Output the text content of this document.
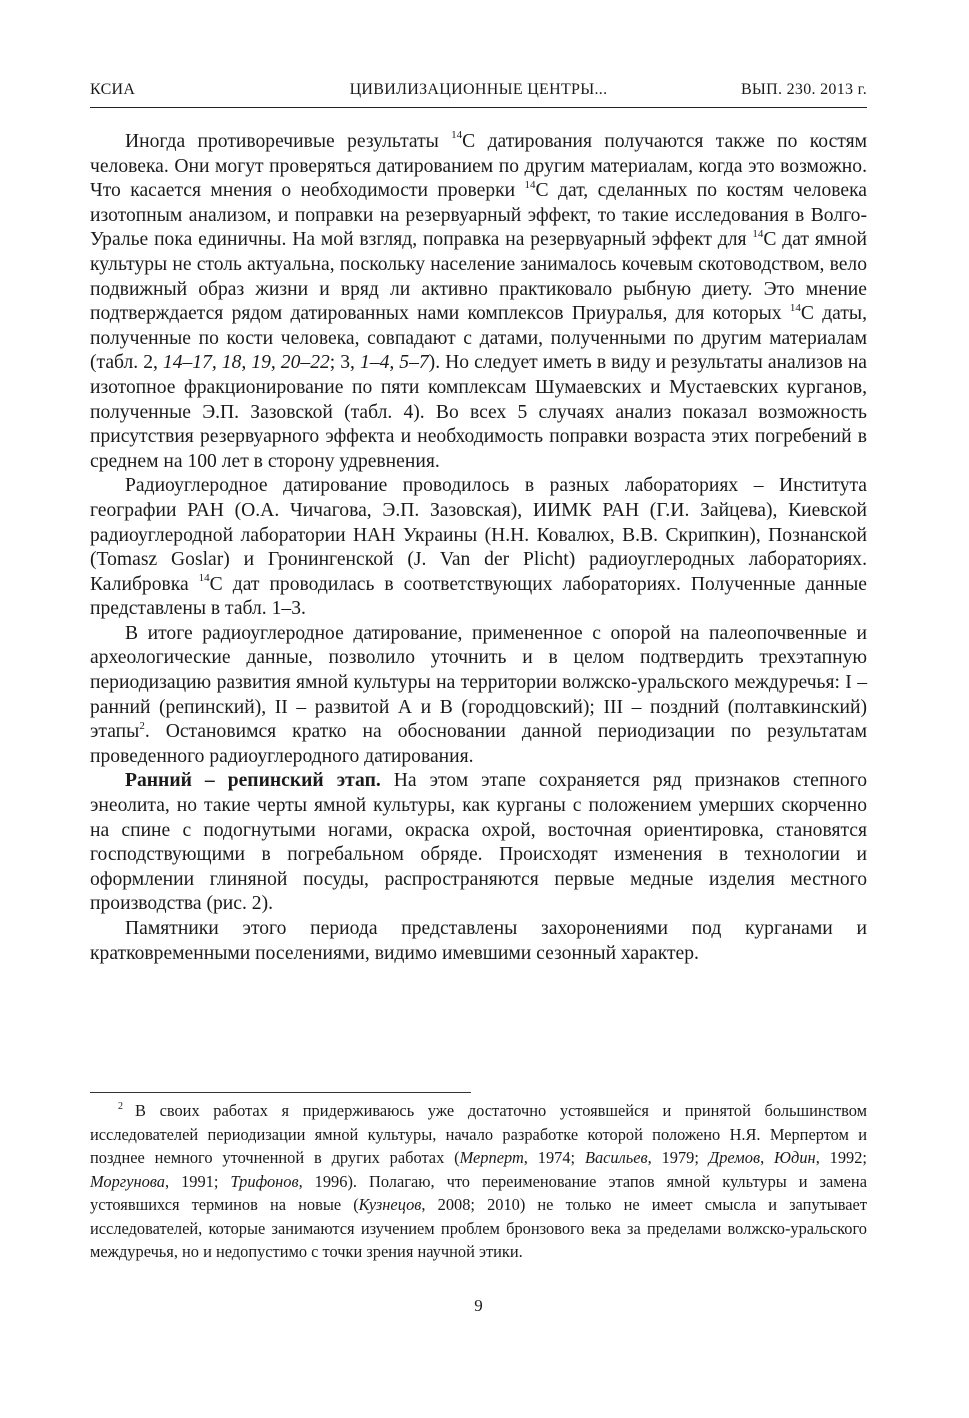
КСИА	ЦИВИЛИЗАЦИОННЫЕ ЦЕНТРЫ...	ВЫП. 230. 2013 г.

Иногда противоречивые результаты $^{14}$С датирования получаются также по костям человека. Они могут проверяться датированием по другим материалам, когда это возможно. Что касается мнения о необходимости проверки $^{14}$С дат, сделанных по костям человека изотопным анализом, и поправки на резервуарный эффект, то такие исследования в Волго-Уралье пока единичны. На мой взгляд, поправка на резервуарный эффект для $^{14}$С дат ямной культуры не столь актуальна, поскольку население занималось кочевым скотоводством, вело подвижный образ жизни и вряд ли активно практиковало рыбную диету. Это мнение подтверждается рядом датированных нами комплексов Приуралья, для которых $^{14}$С даты, полученные по кости человека, совпадают с датами, полученными по другим материалам (табл. 2, 14–17, 18, 19, 20–22; 3, 1–4, 5–7). Но следует иметь в виду и результаты анализов на изотопное фракционирование по пяти комплексам Шумаевских и Мустаевских курганов, полученные Э.П. Зазовской (табл. 4). Во всех 5 случаях анализ показал возможность присутствия резервуарного эффекта и необходимость поправки возраста этих погребений в среднем на 100 лет в сторону удревнения.

Радиоуглеродное датирование проводилось в разных лабораториях – Института географии РАН (О.А. Чичагова, Э.П. Зазовская), ИИМК РАН (Г.И. Зайцева), Киевской радиоуглеродной лаборатории НАН Украины (Н.Н. Ковалюх, В.В. Скрипкин), Познанской (Tomasz Goslar) и Гронингенской (J. Van der Plicht) радиоуглеродных лабораториях. Калибровка $^{14}$С дат проводилась в соответствующих лабораториях. Полученные данные представлены в табл. 1–3.

В итоге радиоуглеродное датирование, примененное с опорой на палеопочвенные и археологические данные, позволило уточнить и в целом подтвердить трехэтапную периодизацию развития ямной культуры на территории волжско-уральского междуречья: I – ранний (репинский), II – развитой А и В (городцовский); III – поздний (полтавкинский) этапы$^2$. Остановимся кратко на обосновании данной периодизации по результатам проведенного радиоуглеродного датирования.

Ранний – репинский этап. На этом этапе сохраняется ряд признаков степного энеолита, но такие черты ямной культуры, как курганы с положением умерших скорченно на спине с подогнутыми ногами, окраска охрой, восточная ориентировка, становятся господствующими в погребальном обряде. Происходят изменения в технологии и оформлении глиняной посуды, распространяются первые медные изделия местного производства (рис. 2).

Памятники этого периода представлены захоронениями под курганами и кратковременными поселениями, видимо имевшими сезонный характер.

$^2$ В своих работах я придерживаюсь уже достаточно устоявшейся и принятой большинством исследователей периодизации ямной культуры, начало разработке которой положено Н.Я. Мерпертом и позднее немного уточненной в других работах (Мерперт, 1974; Васильев, 1979; Дремов, Юдин, 1992; Моргунова, 1991; Трифонов, 1996). Полагаю, что переименование этапов ямной культуры и замена устоявшихся терминов на новые (Кузнецов, 2008; 2010) не только не имеет смысла и запутывает исследователей, которые занимаются изучением проблем бронзового века за пределами волжско-уральского междуречья, но и недопустимо с точки зрения научной этики.
9
